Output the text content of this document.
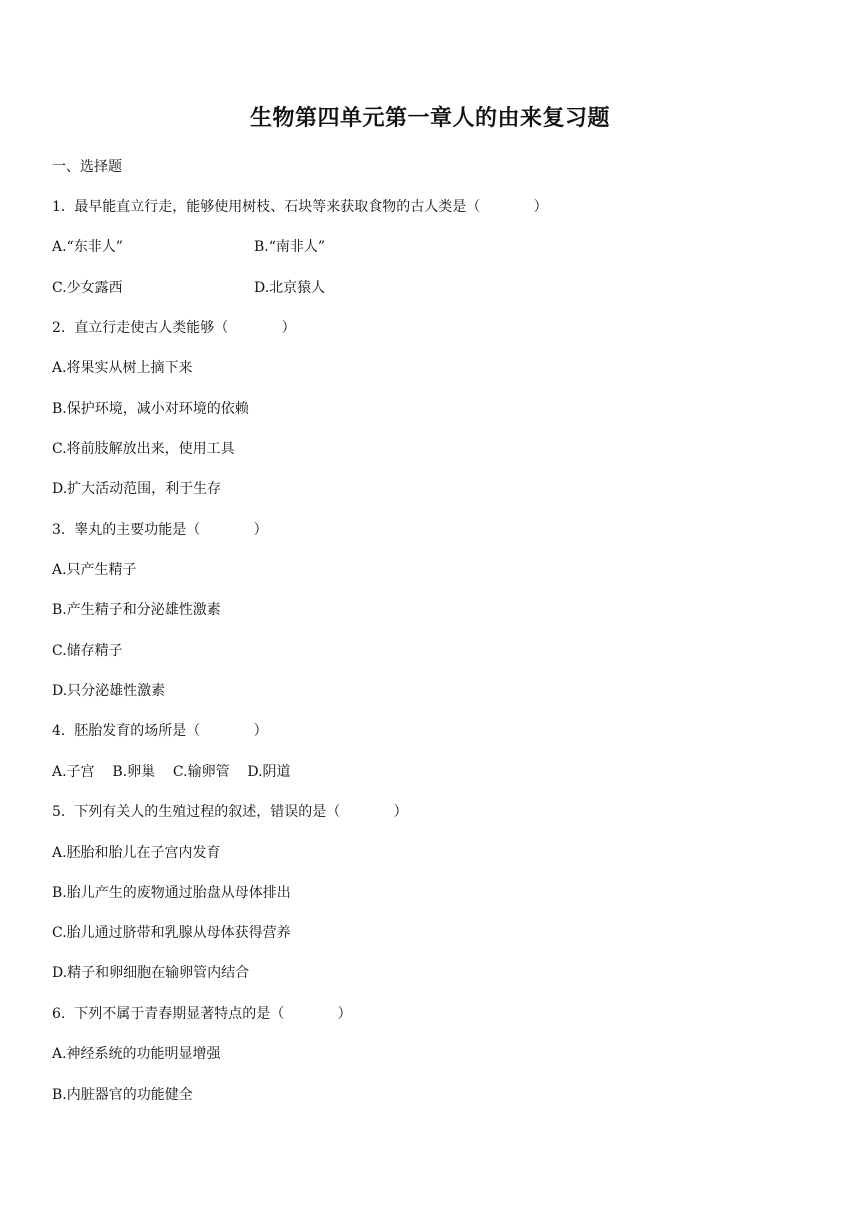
生物第四单元第一章人的由来复习题
一、选择题
1.  最早能直立行走，能够使用树枝、石块等来获取食物的古人类是（            ）
A.“东非人”	B.“南非人”
C.少女露西	D.北京猿人
2.  直立行走使古人类能够（            ）
A.将果实从树上摘下来
B.保护环境，减小对环境的依赖
C.将前肢解放出来，使用工具
D.扩大活动范围，利于生存
3.  睾丸的主要功能是（            ）
A.只产生精子
B.产生精子和分泌雄性激素
C.储存精子
D.只分泌雄性激素
4.  胚胎发育的场所是（            ）
A.子宫    B.卵巢    C.输卵管    D.阴道
5.  下列有关人的生殖过程的叙述，错误的是（            ）
A.胚胎和胎儿在子宫内发育
B.胎儿产生的废物通过胎盘从母体排出
C.胎儿通过脐带和乳腺从母体获得营养
D.精子和卵细胞在输卵管内结合
6.  下列不属于青春期显著特点的是（            ）
A.神经系统的功能明显增强
B.内脏器官的功能健全
